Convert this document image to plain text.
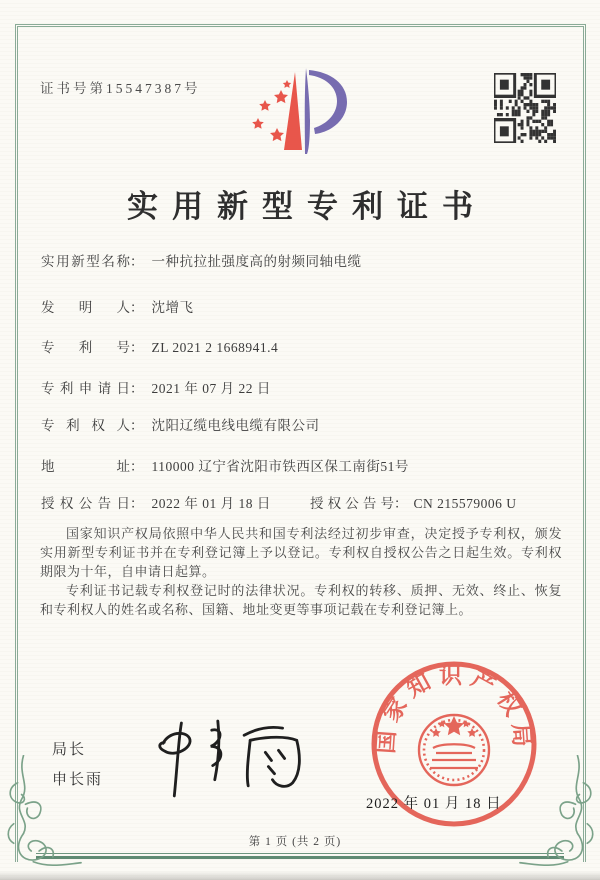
证书号第15547387号
实用新型专利证书
实用新型名称： 一种抗拉扯强度高的射频同轴电缆
发明人： 沈增飞
专利号： ZL 2021 2 1668941.4
专利申请日： 2021 年 07 月 22 日
专利权人： 沈阳辽缆电线电缆有限公司
地址： 110000 辽宁省沈阳市铁西区保工南街51号
授权公告日： 2022 年 01 月 18 日	授权公告号： CN 215579006 U

国家知识产权局依照中华人民共和国专利法经过初步审查，决定授予专利权，颁发实用新型专利证书并在专利登记簿上予以登记。专利权自授权公告之日起生效。专利权期限为十年，自申请日起算。

专利证书记载专利权登记时的法律状况。专利权的转移、质押、无效、终止、恢复和专利权人的姓名或名称、国籍、地址变更等事项记载在专利登记簿上。

局长
申长雨
国家知识产权局
2022 年 01 月 18 日
第 1 页 (共 2 页)
